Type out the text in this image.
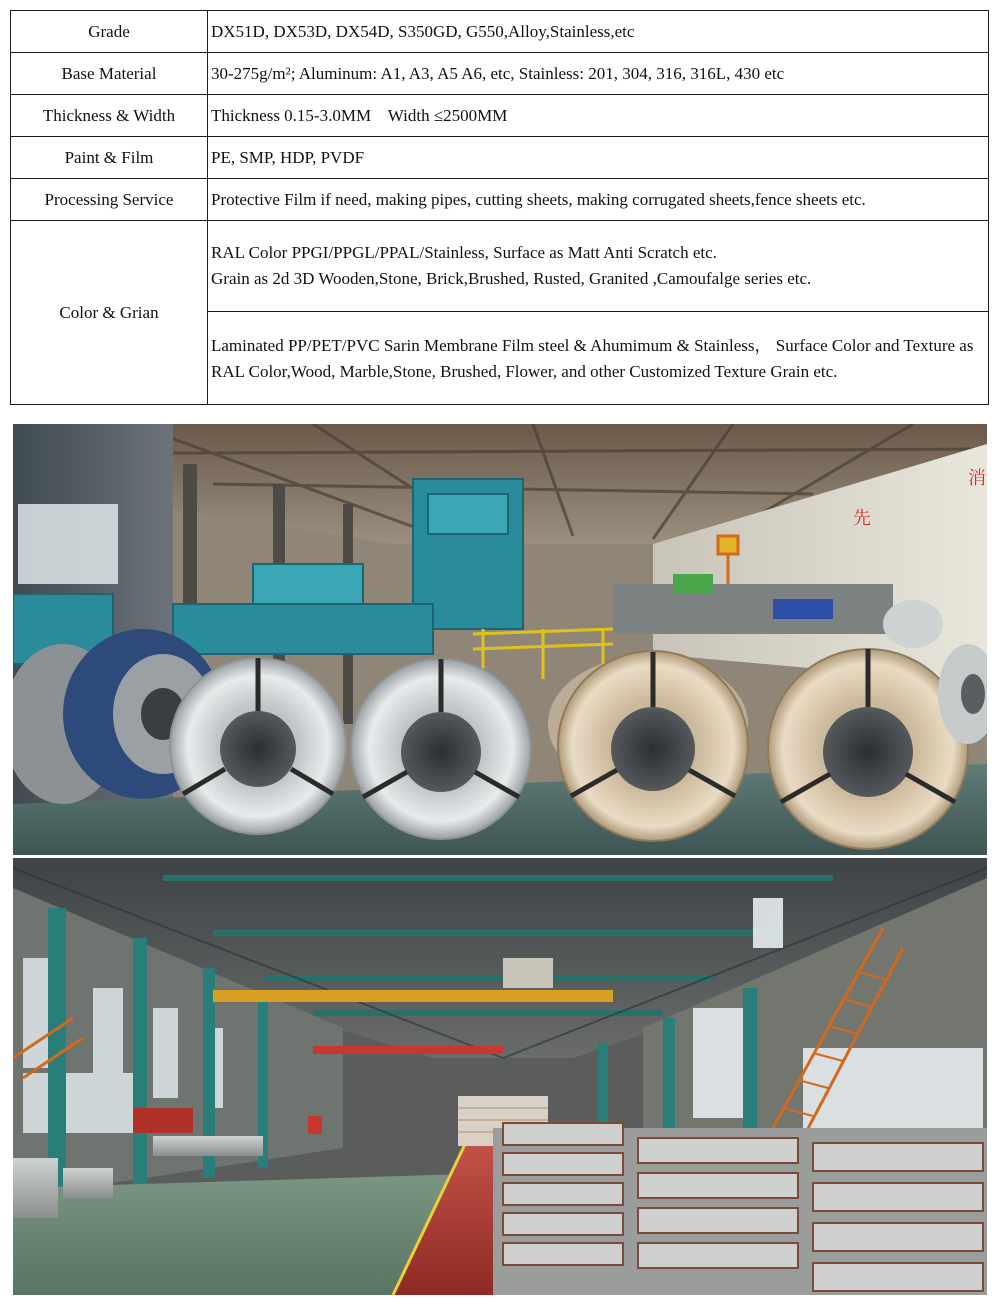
Grade	DX51D, DX53D, DX54D, S350GD, G550,Alloy,Stainless,etc
Base Material	30-275g/m²; Aluminum: A1, A3, A5 A6, etc, Stainless: 201, 304, 316, 316L, 430 etc
Thickness & Width	Thickness 0.15-3.0MM    Width ≤2500MM
Paint & Film	PE, SMP, HDP, PVDF
Processing Service	Protective Film if need, making pipes, cutting sheets, making corrugated sheets,fence sheets etc.
Color & Grian	RAL Color PPGI/PPGL/PPAL/Stainless, Surface as Matt Anti Scratch etc.
Grain as 2d 3D Wooden,Stone, Brick,Brushed, Rusted, Granited ,Camoufalge series etc.

	Laminated PP/PET/PVC Sarin Membrane Film steel & Ahumimum & Stainless， Surface Color and Texture as RAL Color,Wood, Marble,Stone, Brushed, Flower, and other Customized Texture Grain etc.
消
先
